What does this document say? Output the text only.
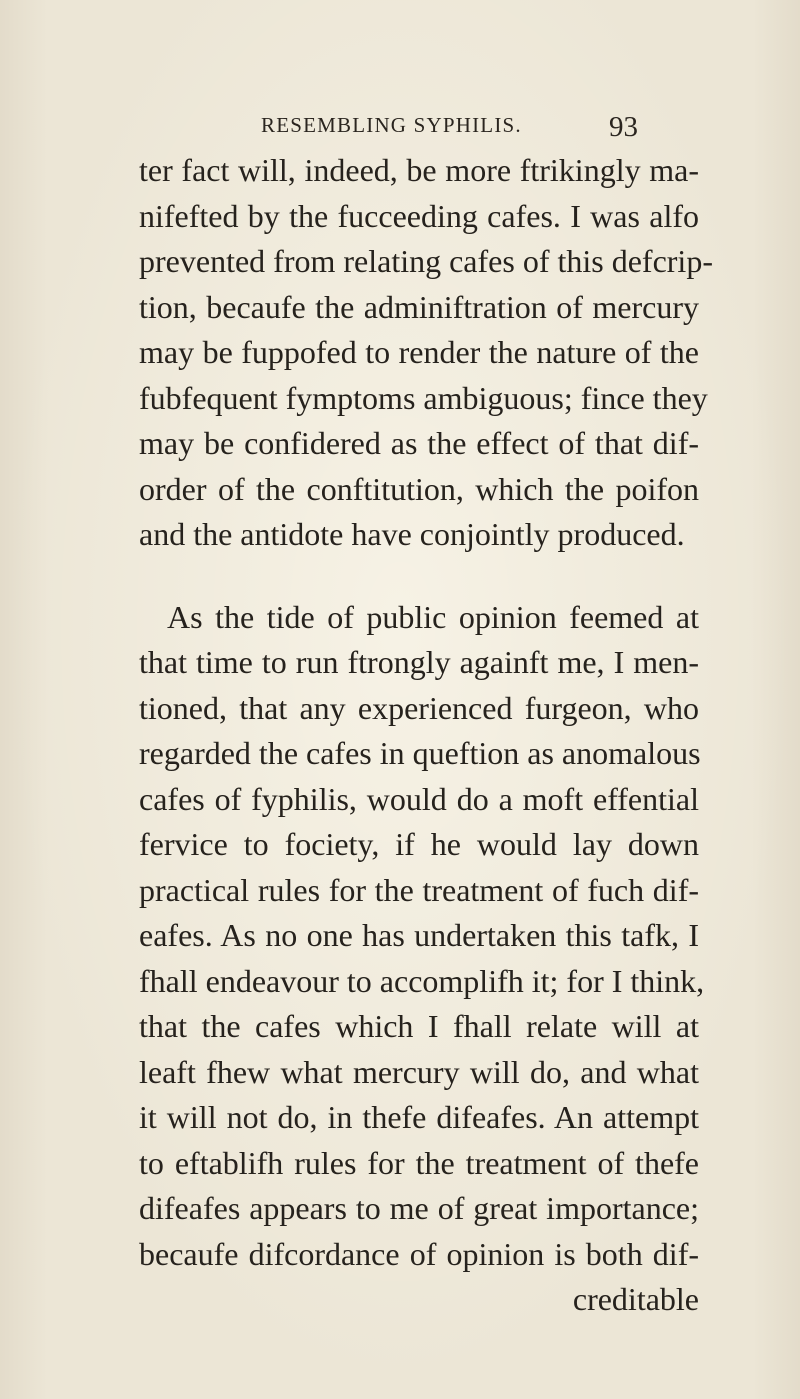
RESEMBLING SYPHILIS.	93
ter fact will, indeed, be more ftrikingly ma-
nifefted by the fucceeding cafes. I was alfo
prevented from relating cafes of this defcrip-
tion, becaufe the adminiftration of mercury
may be fuppofed to render the nature of the
fubfequent fymptoms ambiguous; fince they
may be confidered as the effect of that dif-
order of the conftitution, which the poifon
and the antidote have conjointly produced.
As the tide of public opinion feemed at
that time to run ftrongly againft me, I men-
tioned, that any experienced furgeon, who
regarded the cafes in queftion as anomalous
cafes of fyphilis, would do a moft effential
fervice to fociety, if he would lay down
practical rules for the treatment of fuch dif-
eafes. As no one has undertaken this tafk, I
fhall endeavour to accomplifh it; for I think,
that the cafes which I fhall relate will at
leaft fhew what mercury will do, and what
it will not do, in thefe difeafes. An attempt
to eftablifh rules for the treatment of thefe
difeafes appears to me of great importance;
becaufe difcordance of opinion is both dif-
creditable
